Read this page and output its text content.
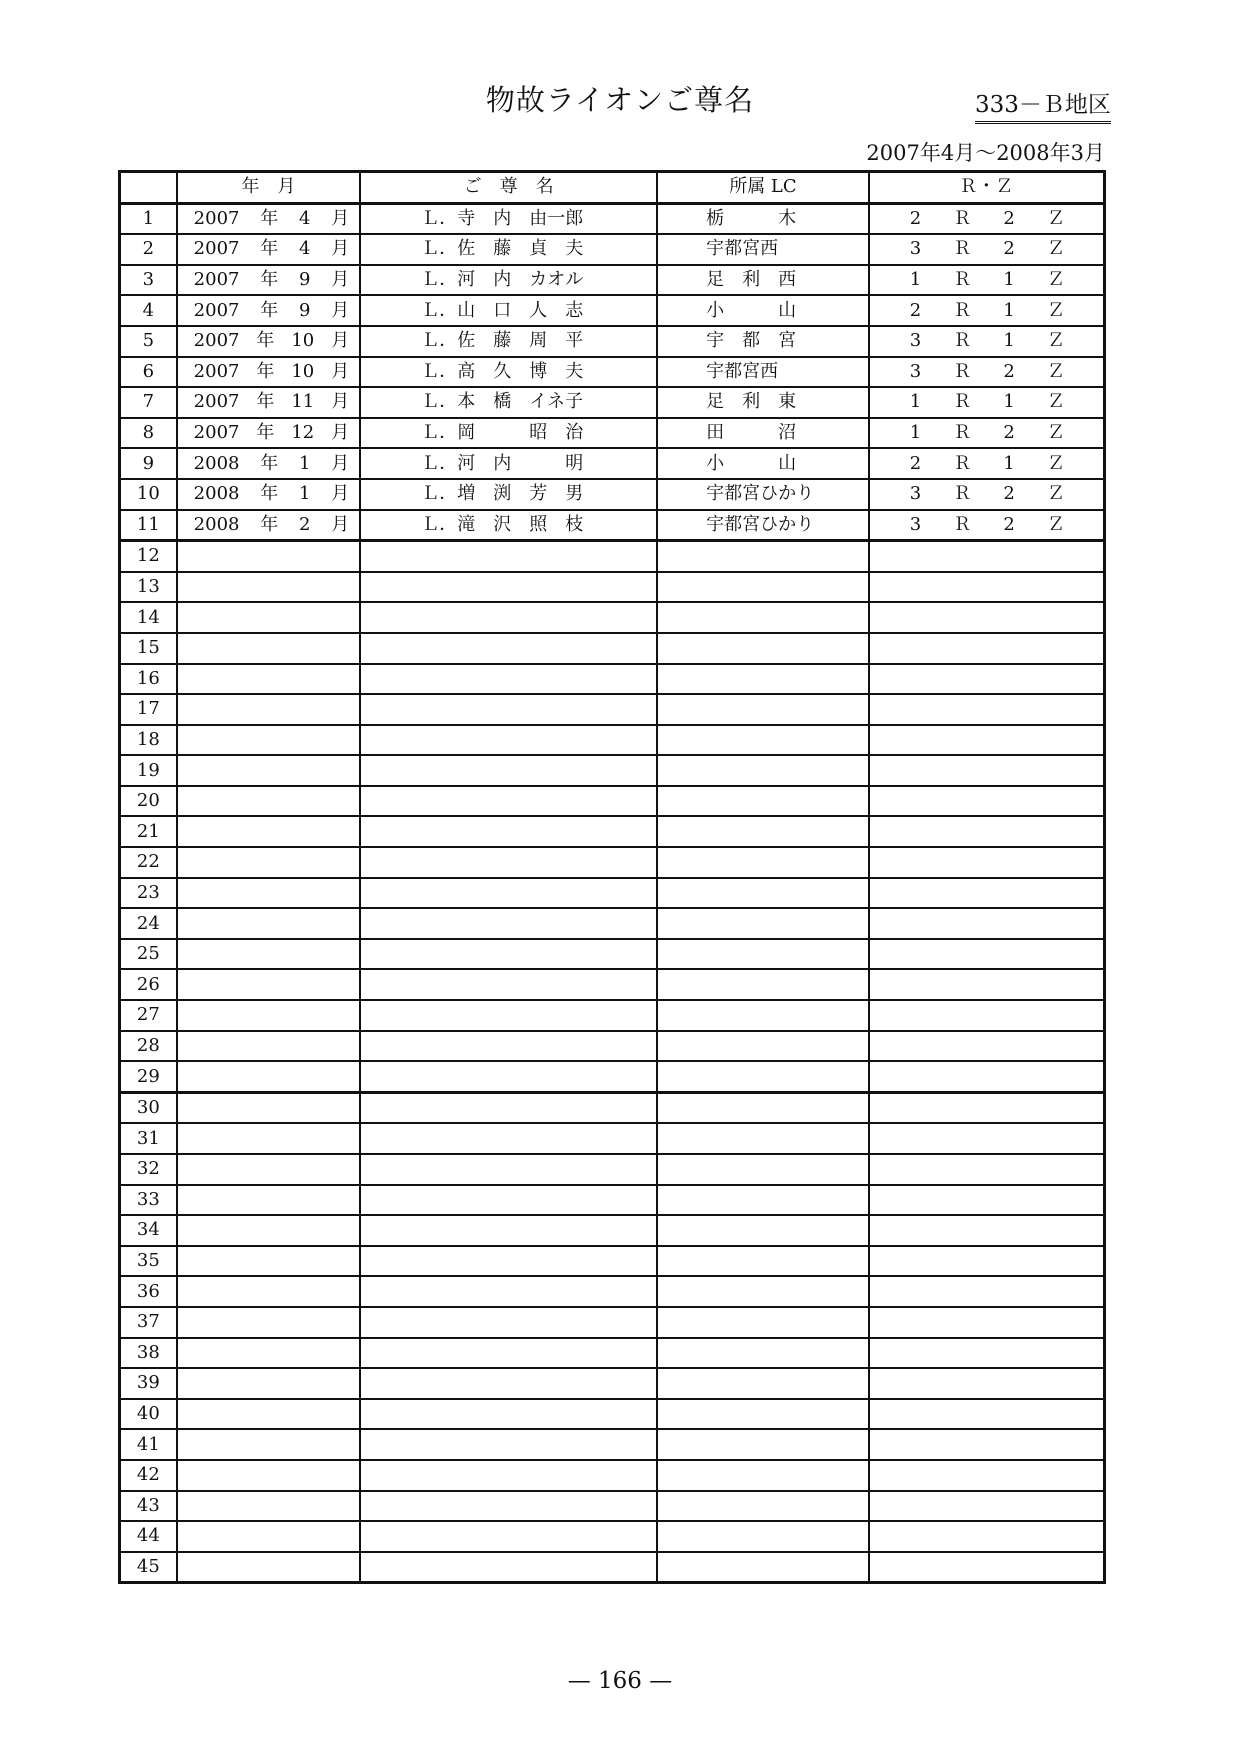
物故ライオンご尊名	333－Ｂ地区
2007年4月～2008年3月
	年　月	ご　尊　名	所属 LC	Ｒ・Ｚ
1	2007 年 4 月	Ｌ．寺　内　由一郎	栃　　　木	2 Ｒ 2 Ｚ

2	2007 年 4 月	Ｌ．佐　藤　貞　夫	宇都宮西	3 Ｒ 2 Ｚ

3	2007 年 9 月	Ｌ．河　内　カオル	足　利　西	1 Ｒ 1 Ｚ

4	2007 年 9 月	Ｌ．山　口　人　志	小　　　山	2 Ｒ 1 Ｚ

5	2007 年 10 月	Ｌ．佐　藤　周　平	宇　都　宮	3 Ｒ 1 Ｚ

6	2007 年 10 月	Ｌ．高　久　博　夫	宇都宮西	3 Ｒ 2 Ｚ

7	2007 年 11 月	Ｌ．本　橋　イネ子	足　利　東	1 Ｒ 1 Ｚ

8	2007 年 12 月	Ｌ．岡　　　昭　治	田　　　沼	1 Ｒ 2 Ｚ

9	2008 年 1 月	Ｌ．河　内　　　明	小　　　山	2 Ｒ 1 Ｚ

10	2008 年 1 月	Ｌ．増　渕　芳　男	宇都宮ひかり	3 Ｒ 2 Ｚ

11	2008 年 2 月	Ｌ．滝　沢　照　枝	宇都宮ひかり	3 Ｒ 2 Ｚ

12				
13				
14				
15				
16				
17				
18				
19				
20				
21				
22				
23				
24				
25				
26				
27				
28				
29				
30				
31				
32				
33				
34				
35				
36				
37				
38				
39				
40				
41				
42				
43				
44				
45				
— 166 —
